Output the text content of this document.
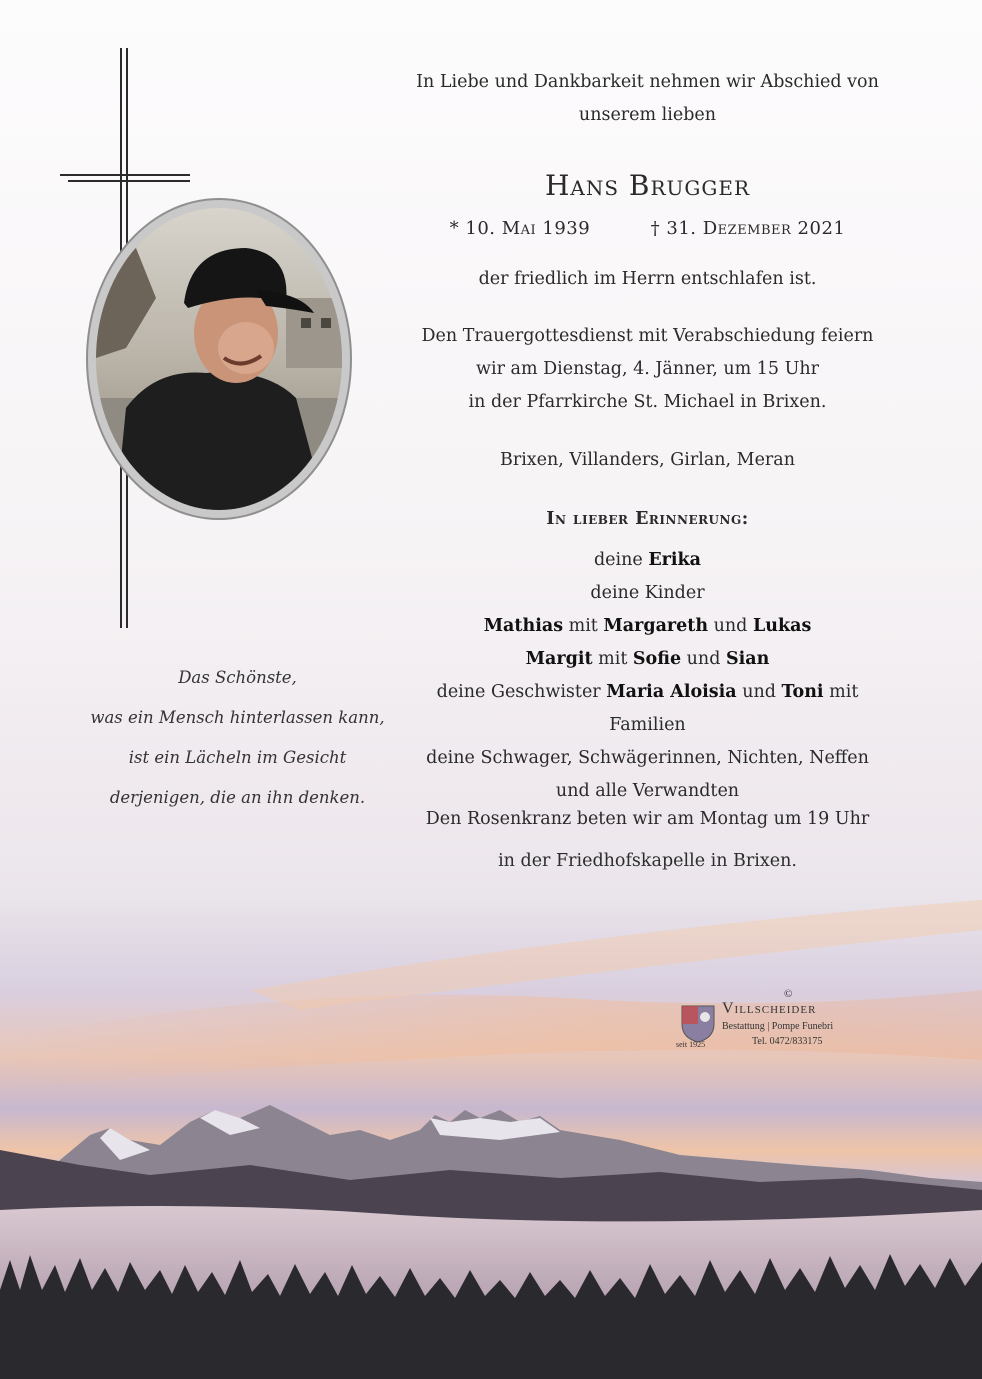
In Liebe und Dankbarkeit nehmen wir Abschied von
unserem lieben
Hans Brugger
* 10. Mai 1939	† 31. Dezember 2021
der friedlich im Herrn entschlafen ist.
Den Trauergottesdienst mit Verabschiedung feiern
wir am Dienstag, 4. Jänner, um 15 Uhr
in der Pfarrkirche St. Michael in Brixen.
Brixen, Villanders, Girlan, Meran
In lieber Erinnerung:
deine Erika
deine Kinder
Mathias mit Margareth und Lukas
Margit mit Sofie und Sian
deine Geschwister Maria Aloisia und Toni mit Familien
deine Schwager, Schwägerinnen, Nichten, Neffen
und alle Verwandten
Den Rosenkranz beten wir am Montag um 19 Uhr
Das Schönste,
was ein Mensch hinterlassen kann,
ist ein Lächeln im Gesicht
derjenigen, die an ihn denken.
©
Villscheider
Bestattung | Pompe Funebri
seit 1925	Tel. 0472/833175
